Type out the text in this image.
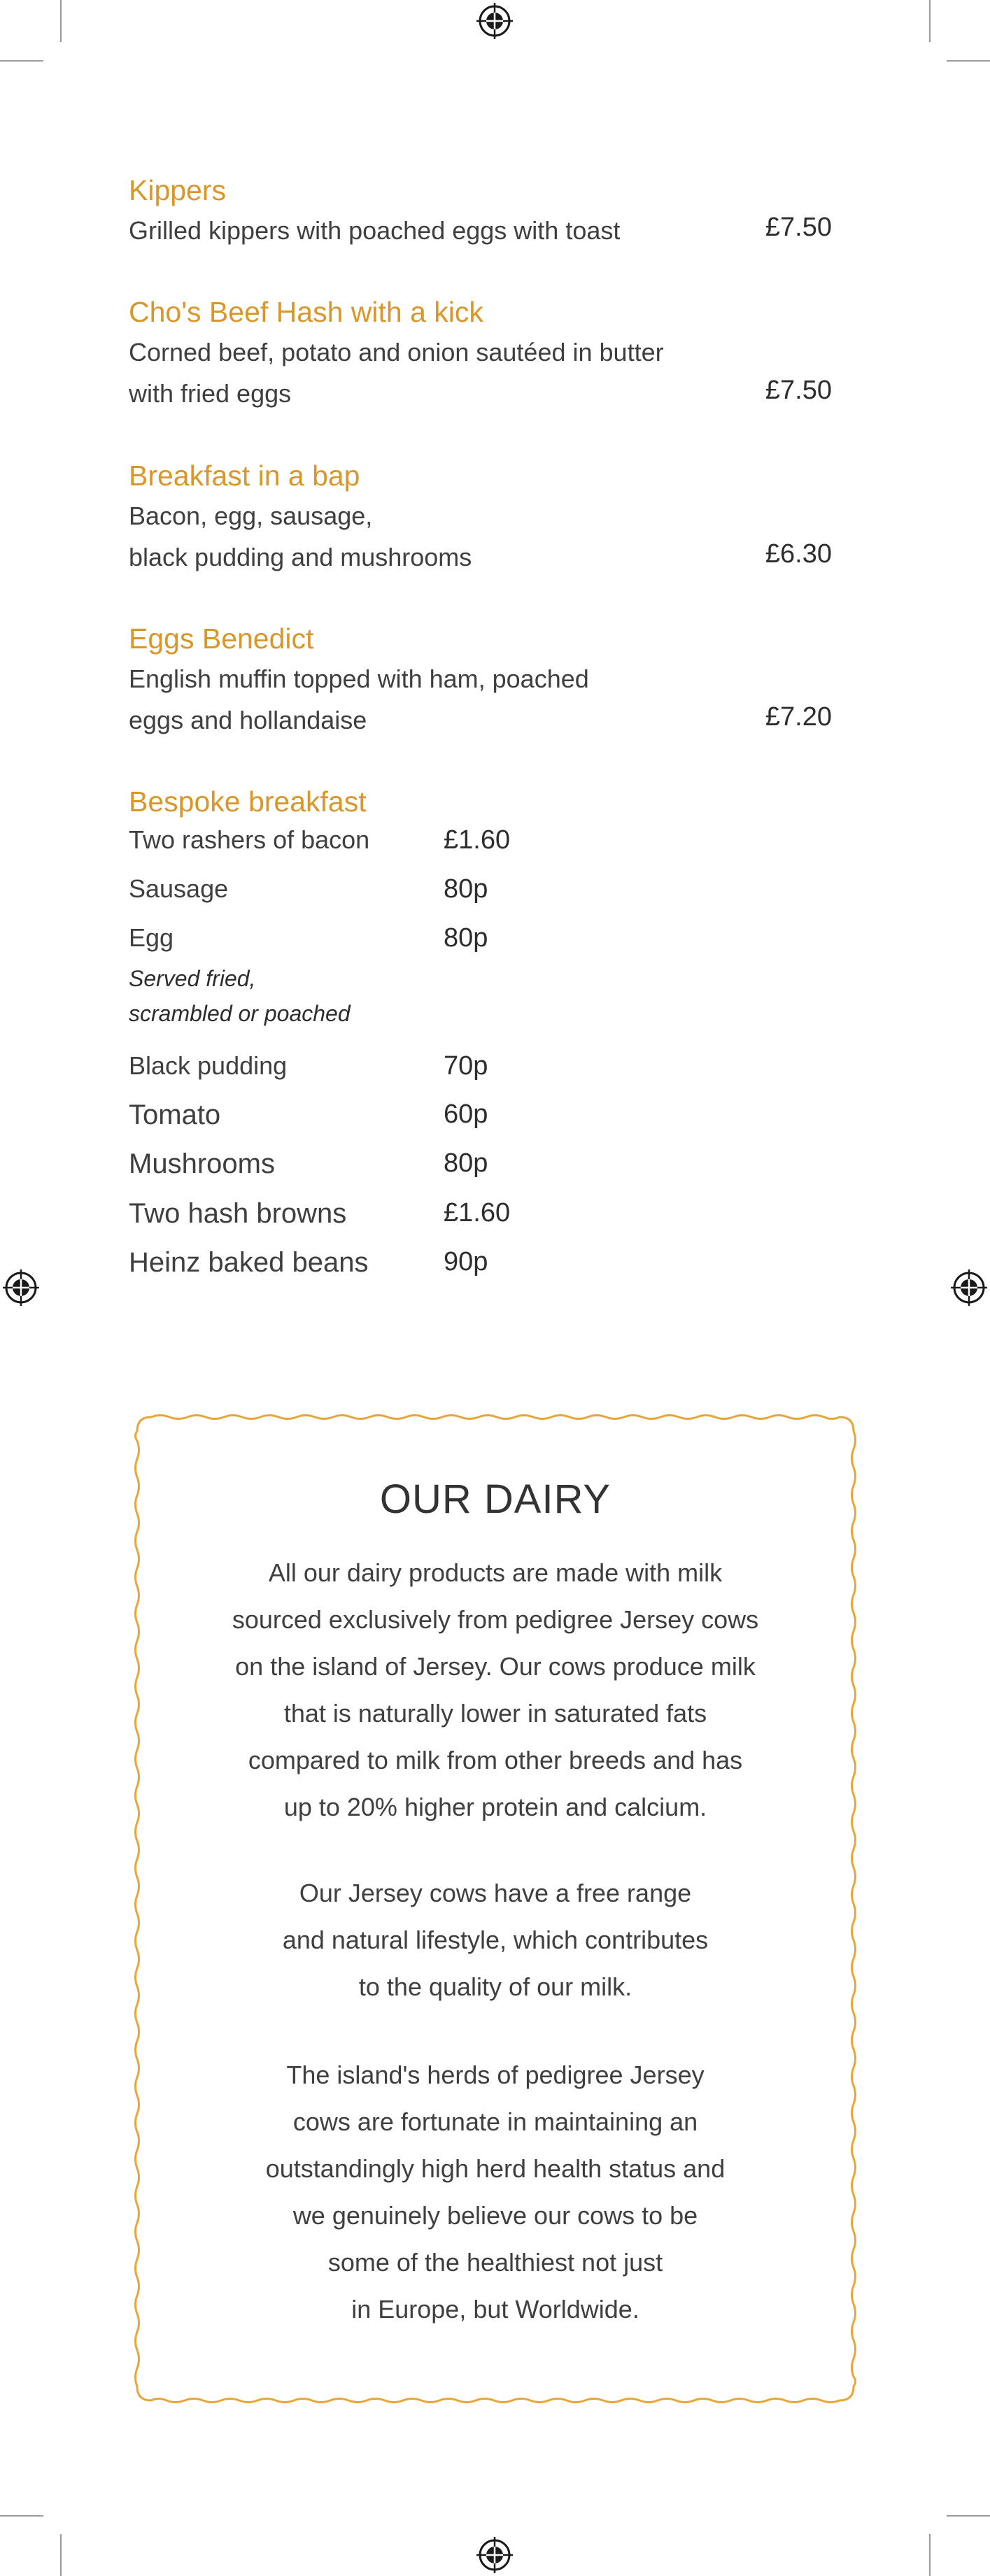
Kippers
Grilled kippers with poached eggs with toast	£7.50
Cho's Beef Hash with a kick
Corned beef, potato and onion sautéed in butter
with fried eggs	£7.50
Breakfast in a bap
Bacon, egg, sausage,
black pudding and mushrooms	£6.30
Eggs Benedict
English muffin topped with ham, poached
eggs and hollandaise	£7.20
Bespoke breakfast
Two rashers of bacon	£1.60
Sausage	80p
Egg	80p
Served fried,
scrambled or poached
Black pudding	70p
Tomato	60p
Mushrooms	80p
Two hash browns	£1.60
Heinz baked beans	90p
OUR DAIRY
All our dairy products are made with milk
sourced exclusively from pedigree Jersey cows
on the island of Jersey. Our cows produce milk
that is naturally lower in saturated fats
compared to milk from other breeds and has
up to 20% higher protein and calcium.
Our Jersey cows have a free range
and natural lifestyle, which contributes
to the quality of our milk.
The island's herds of pedigree Jersey
cows are fortunate in maintaining an
outstandingly high herd health status and
we genuinely believe our cows to be
some of the healthiest not just
in Europe, but Worldwide.
